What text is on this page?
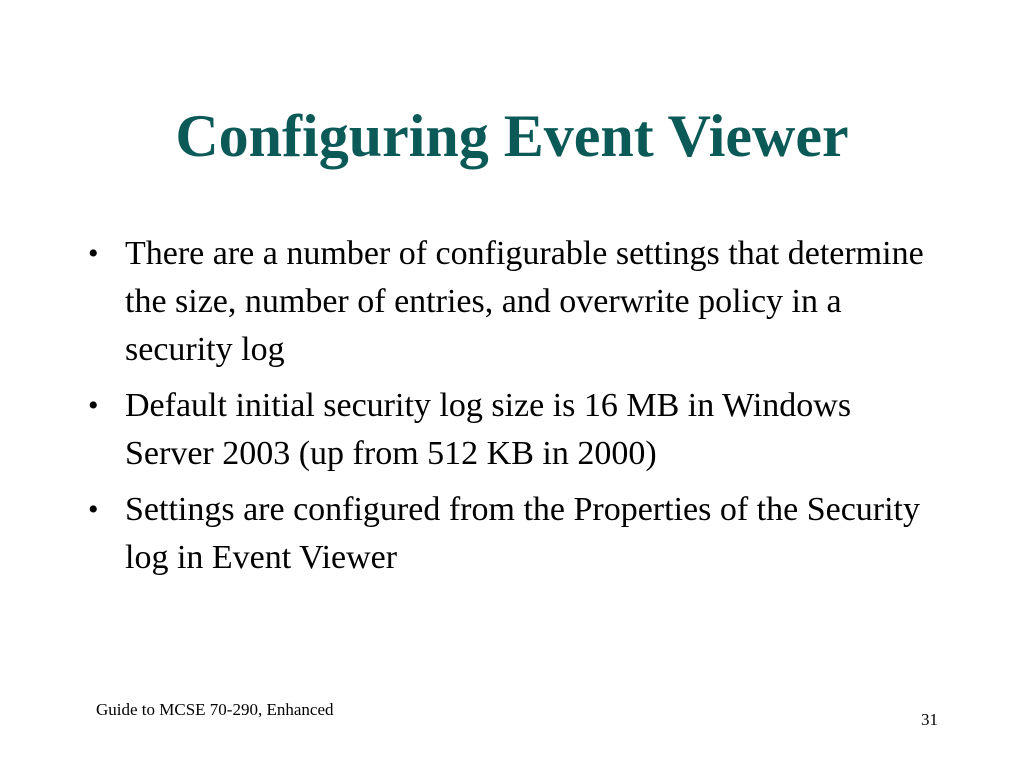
Configuring Event Viewer
• There are a number of configurable settings that determine the size, number of entries, and overwrite policy in a security log
• Default initial security log size is 16 MB in Windows Server 2003 (up from 512 KB in 2000)
• Settings are configured from the Properties of the Security log in Event Viewer
Guide to MCSE 70-290, Enhanced
31
